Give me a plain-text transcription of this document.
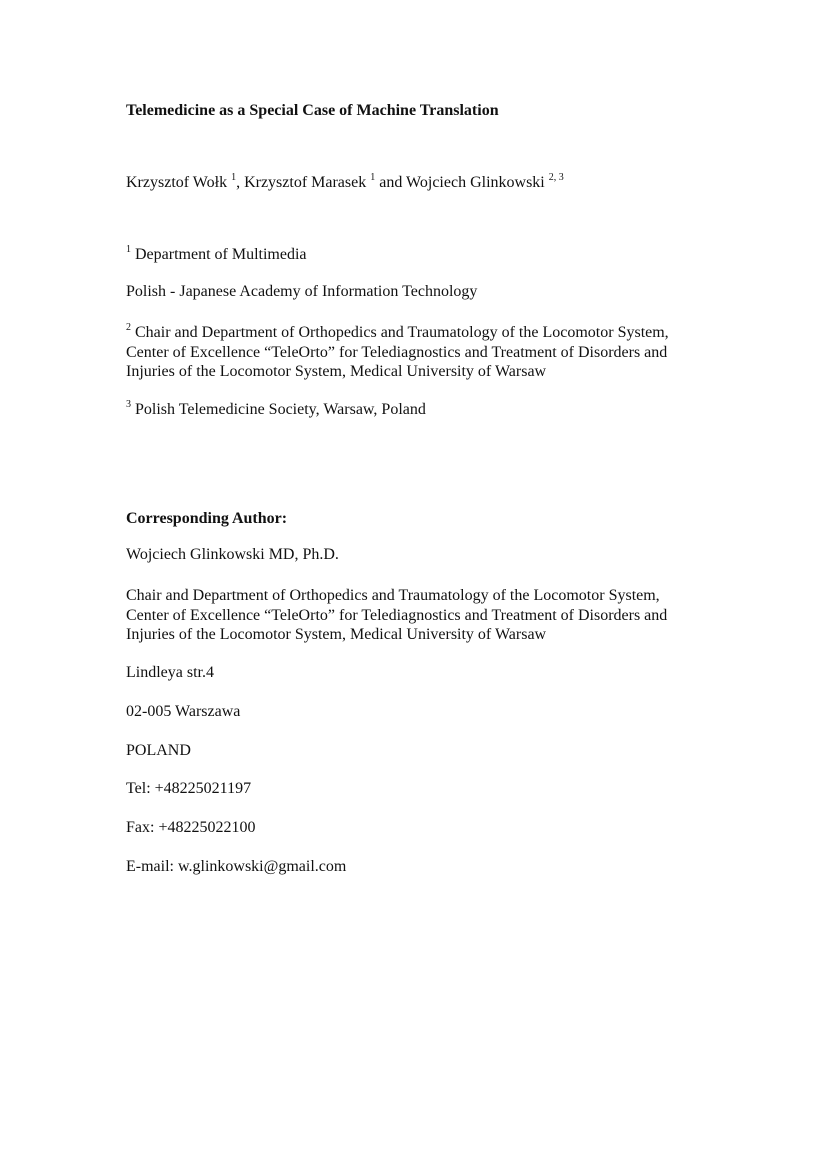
Telemedicine as a Special Case of Machine Translation
Krzysztof Wołk $^1$, Krzysztof Marasek $^1$ and Wojciech Glinkowski $^{2, 3}$
$^1$ Department of Multimedia
Polish - Japanese Academy of Information Technology
$^2$ Chair and Department of Orthopedics and Traumatology of the Locomotor System,
Center of Excellence “TeleOrto” for Telediagnostics and Treatment of Disorders and
Injuries of the Locomotor System, Medical University of Warsaw
$^3$ Polish Telemedicine Society, Warsaw, Poland
Corresponding Author:
Wojciech Glinkowski MD, Ph.D.
Chair and Department of Orthopedics and Traumatology of the Locomotor System,
Center of Excellence “TeleOrto” for Telediagnostics and Treatment of Disorders and
Injuries of the Locomotor System, Medical University of Warsaw
Lindleya str.4
02-005 Warszawa
POLAND
Tel: +48225021197
Fax: +48225022100
E-mail: w.glinkowski@gmail.com
